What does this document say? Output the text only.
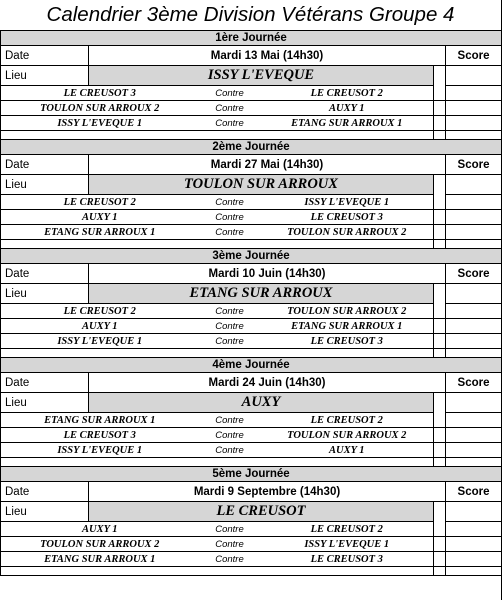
Calendrier 3ème Division Vétérans Groupe 4
1ère Journée					
Date	Mardi 13 Mai (14h30)				Score
Lieu	ISSY L'EVEQUE				
LE CREUSOT 3		Contre	LE CREUSOT 2		
TOULON SUR ARROUX 2		Contre	AUXY 1		
ISSY L'EVEQUE 1		Contre	ETANG SUR ARROUX 1		

2ème Journée					
Date	Mardi 27 Mai (14h30)				Score
Lieu	TOULON SUR ARROUX				
LE CREUSOT 2		Contre	ISSY L'EVEQUE 1		
AUXY 1		Contre	LE CREUSOT 3		
ETANG SUR ARROUX 1		Contre	TOULON SUR ARROUX 2		

3ème Journée					
Date	Mardi 10 Juin (14h30)				Score
Lieu	ETANG SUR ARROUX				
LE CREUSOT 2		Contre	TOULON SUR ARROUX 2		
AUXY 1		Contre	ETANG SUR ARROUX 1		
ISSY L'EVEQUE 1		Contre	LE CREUSOT 3		

4ème Journée					
Date	Mardi 24 Juin (14h30)				Score
Lieu	AUXY				
ETANG SUR ARROUX 1		Contre	LE CREUSOT 2		
LE CREUSOT 3		Contre	TOULON SUR ARROUX 2		
ISSY L'EVEQUE 1		Contre	AUXY 1		

5ème Journée					
Date	Mardi 9 Septembre (14h30)				Score
Lieu	LE CREUSOT				
AUXY 1		Contre	LE CREUSOT 2		
TOULON SUR ARROUX 2		Contre	ISSY L'EVEQUE 1		
ETANG SUR ARROUX 1		Contre	LE CREUSOT 3		
